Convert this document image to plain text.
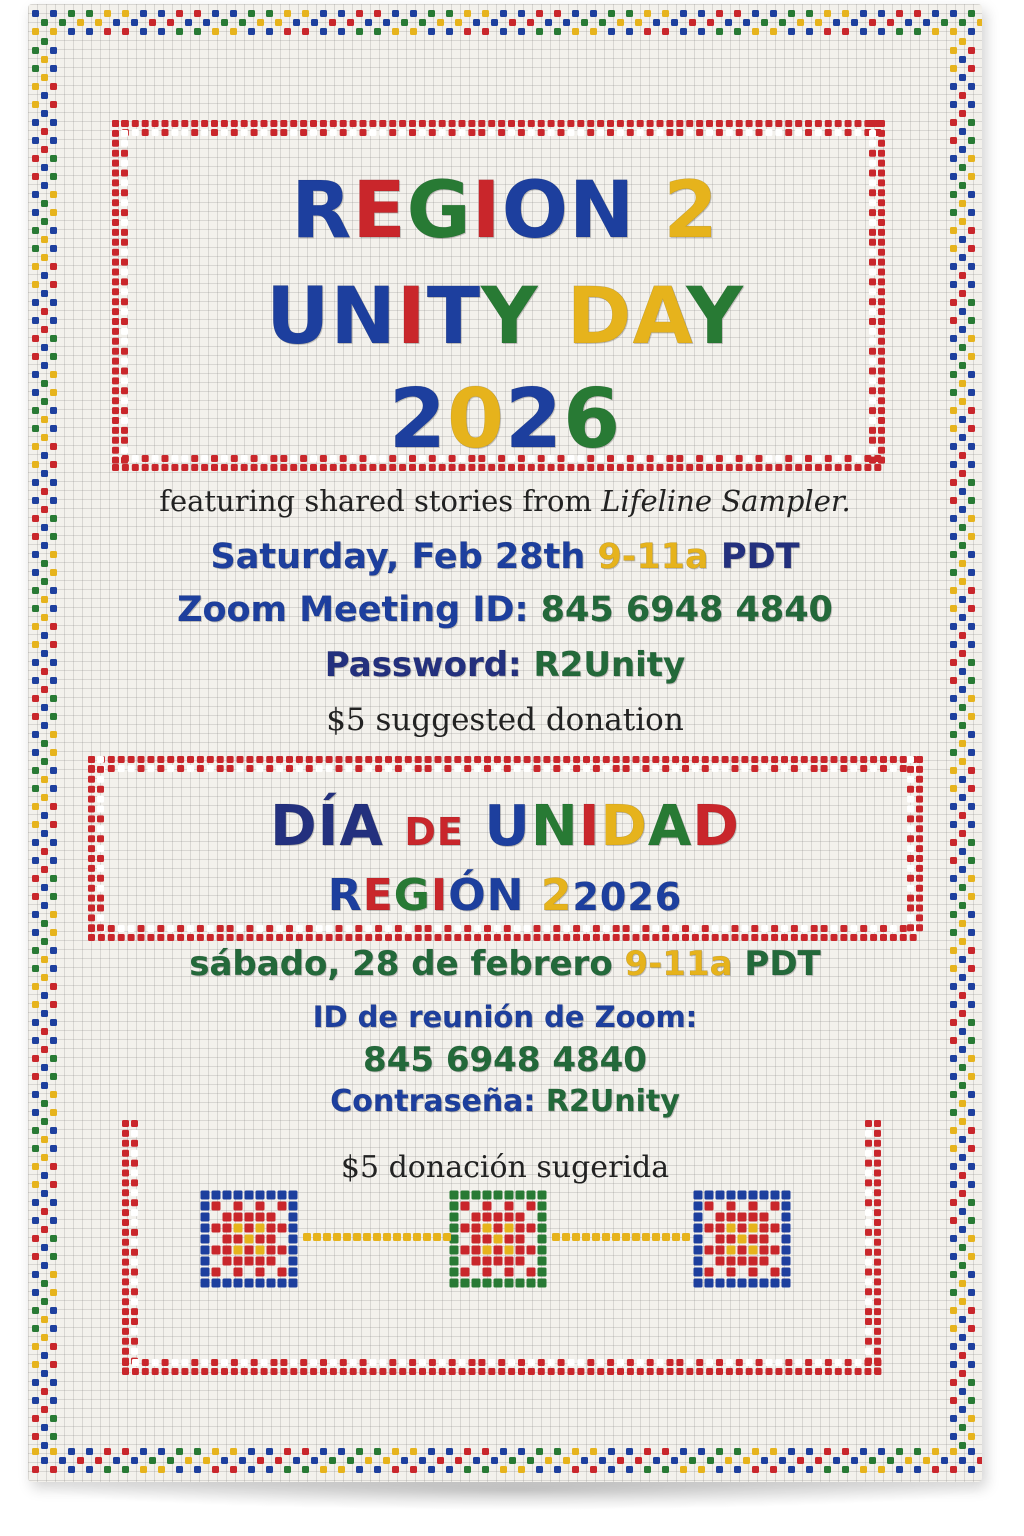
REGION 2
UNITY DAY
2026
featuring shared stories from Lifeline Sampler.
Saturday, Feb 28th 9-11a PDT
Zoom Meeting ID: 845 6948 4840
Password: R2Unity
$5 suggested donation
DÍA DE UNIDAD
REGIÓN 22026
sábado, 28 de febrero 9-11a PDT
ID de reunión de Zoom:
845 6948 4840
Contraseña: R2Unity
$5 donación sugerida
